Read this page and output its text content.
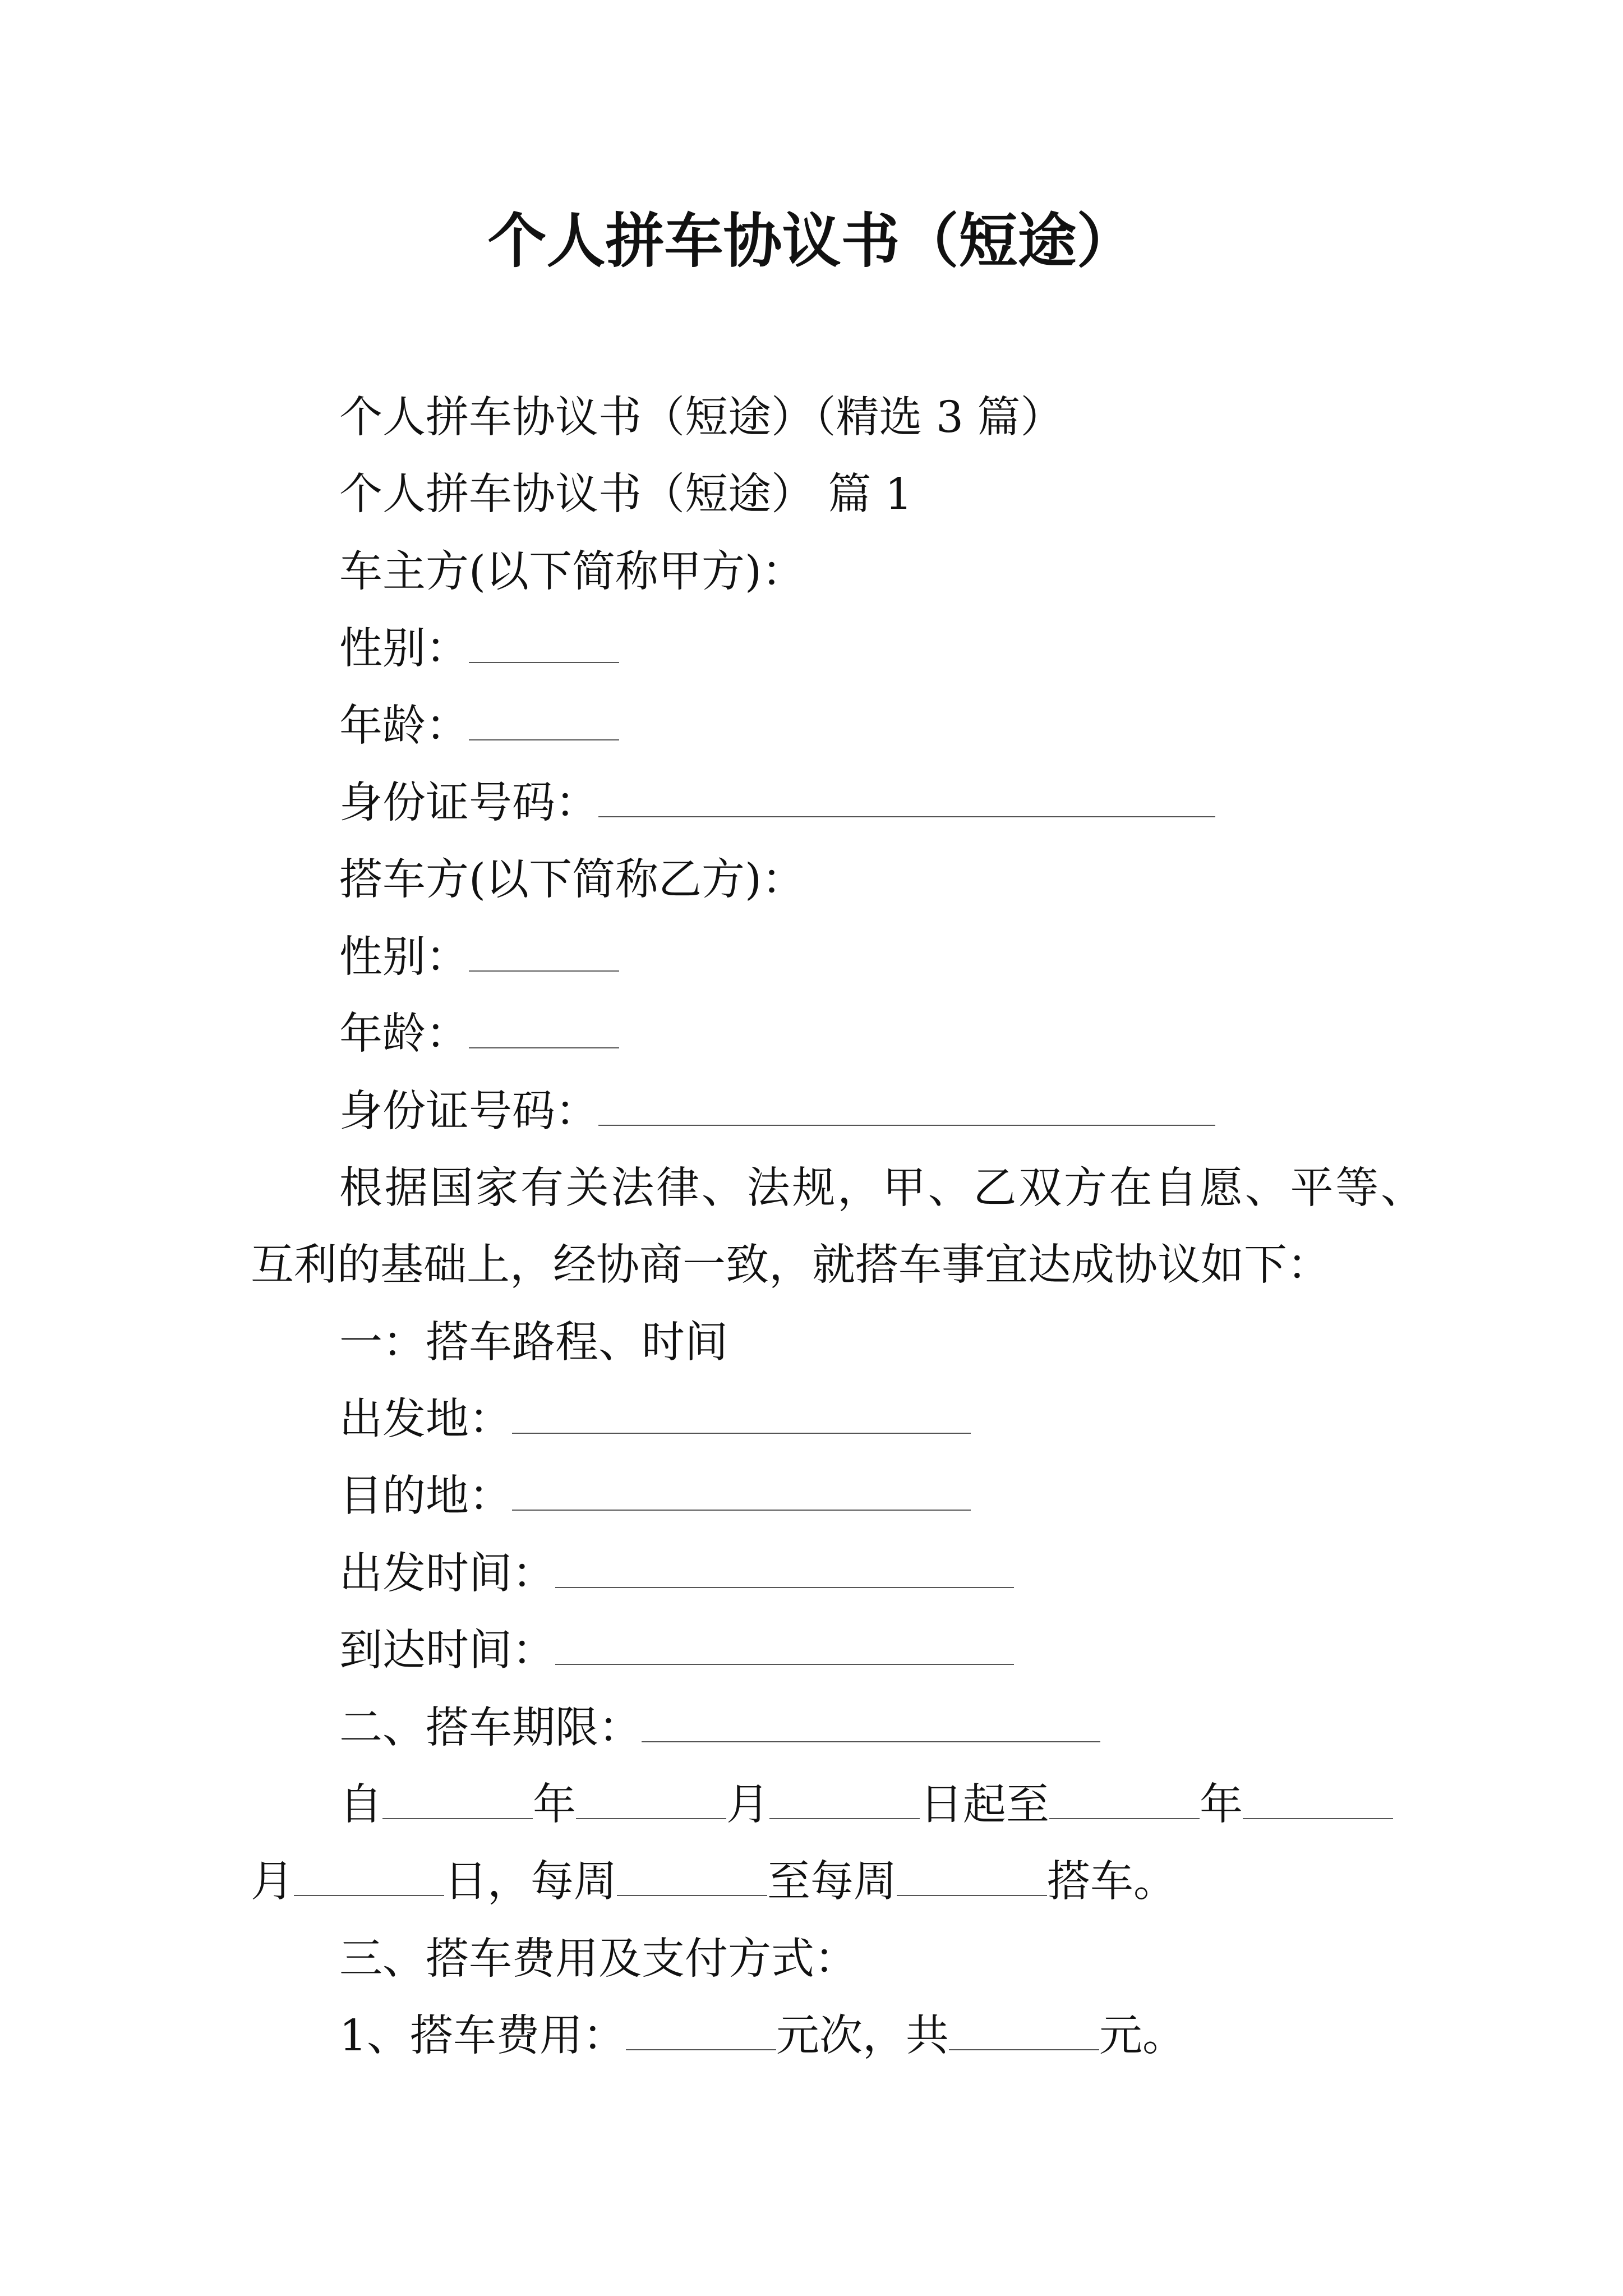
个人拼车协议书（短途）
个人拼车协议书（短途）（精选 3 篇）
个人拼车协议书（短途） 篇 1
车主方(以下简称甲方)：
性别：
年龄：
身份证号码：
搭车方(以下简称乙方)：
性别：
年龄：
身份证号码：
根据国家有关法律、法规，甲、乙双方在自愿、平等、
互利的基础上，经协商一致，就搭车事宜达成协议如下：
一：搭车路程、时间
出发地：
目的地：
出发时间：
到达时间：
二、搭车期限：
自	年	月	日起至	年
月	日，每周	至每周	搭车。
三、搭车费用及支付方式：
1、搭车费用：	元次，共	元。
